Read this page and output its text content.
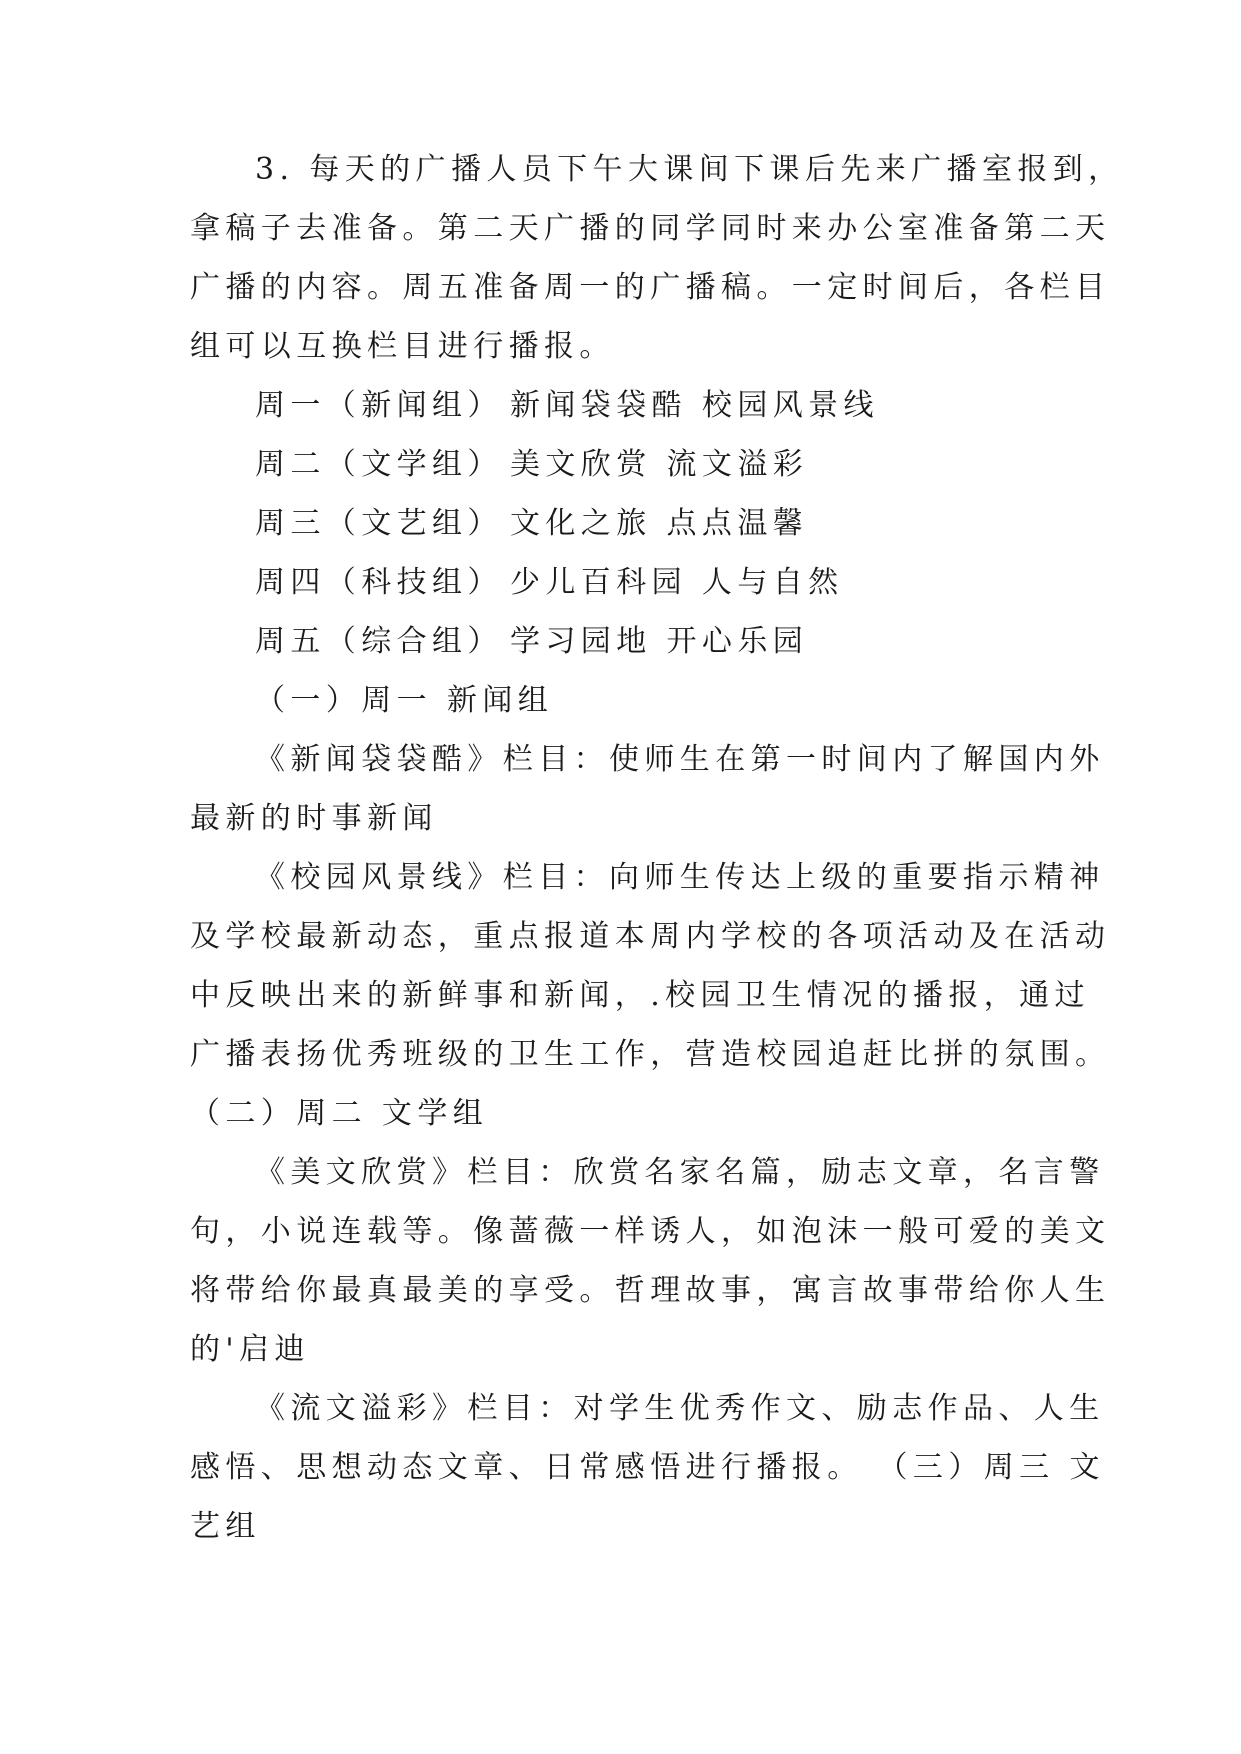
3. 每天的广播人员下午大课间下课后先来广播室报到，
拿稿子去准备。第二天广播的同学同时来办公室准备第二天
广播的内容。周五准备周一的广播稿。一定时间后，各栏目
组可以互换栏目进行播报。
周一（新闻组） 新闻袋袋酷 校园风景线
周二（文学组） 美文欣赏 流文溢彩
周三（文艺组） 文化之旅 点点温馨
周四（科技组） 少儿百科园 人与自然
周五（综合组） 学习园地 开心乐园
（一）周一 新闻组
《新闻袋袋酷》栏目：使师生在第一时间内了解国内外
最新的时事新闻
《校园风景线》栏目：向师生传达上级的重要指示精神
及学校最新动态，重点报道本周内学校的各项活动及在活动
中反映出来的新鲜事和新闻，.校园卫生情况的播报，通过
广播表扬优秀班级的卫生工作，营造校园追赶比拼的氛围。
（二）周二 文学组
《美文欣赏》栏目：欣赏名家名篇，励志文章，名言警
句，小说连载等。像蔷薇一样诱人，如泡沫一般可爱的美文
将带给你最真最美的享受。哲理故事，寓言故事带给你人生
的'启迪
《流文溢彩》栏目：对学生优秀作文、励志作品、人生
感悟、思想动态文章、日常感悟进行播报。 （三）周三 文
艺组
